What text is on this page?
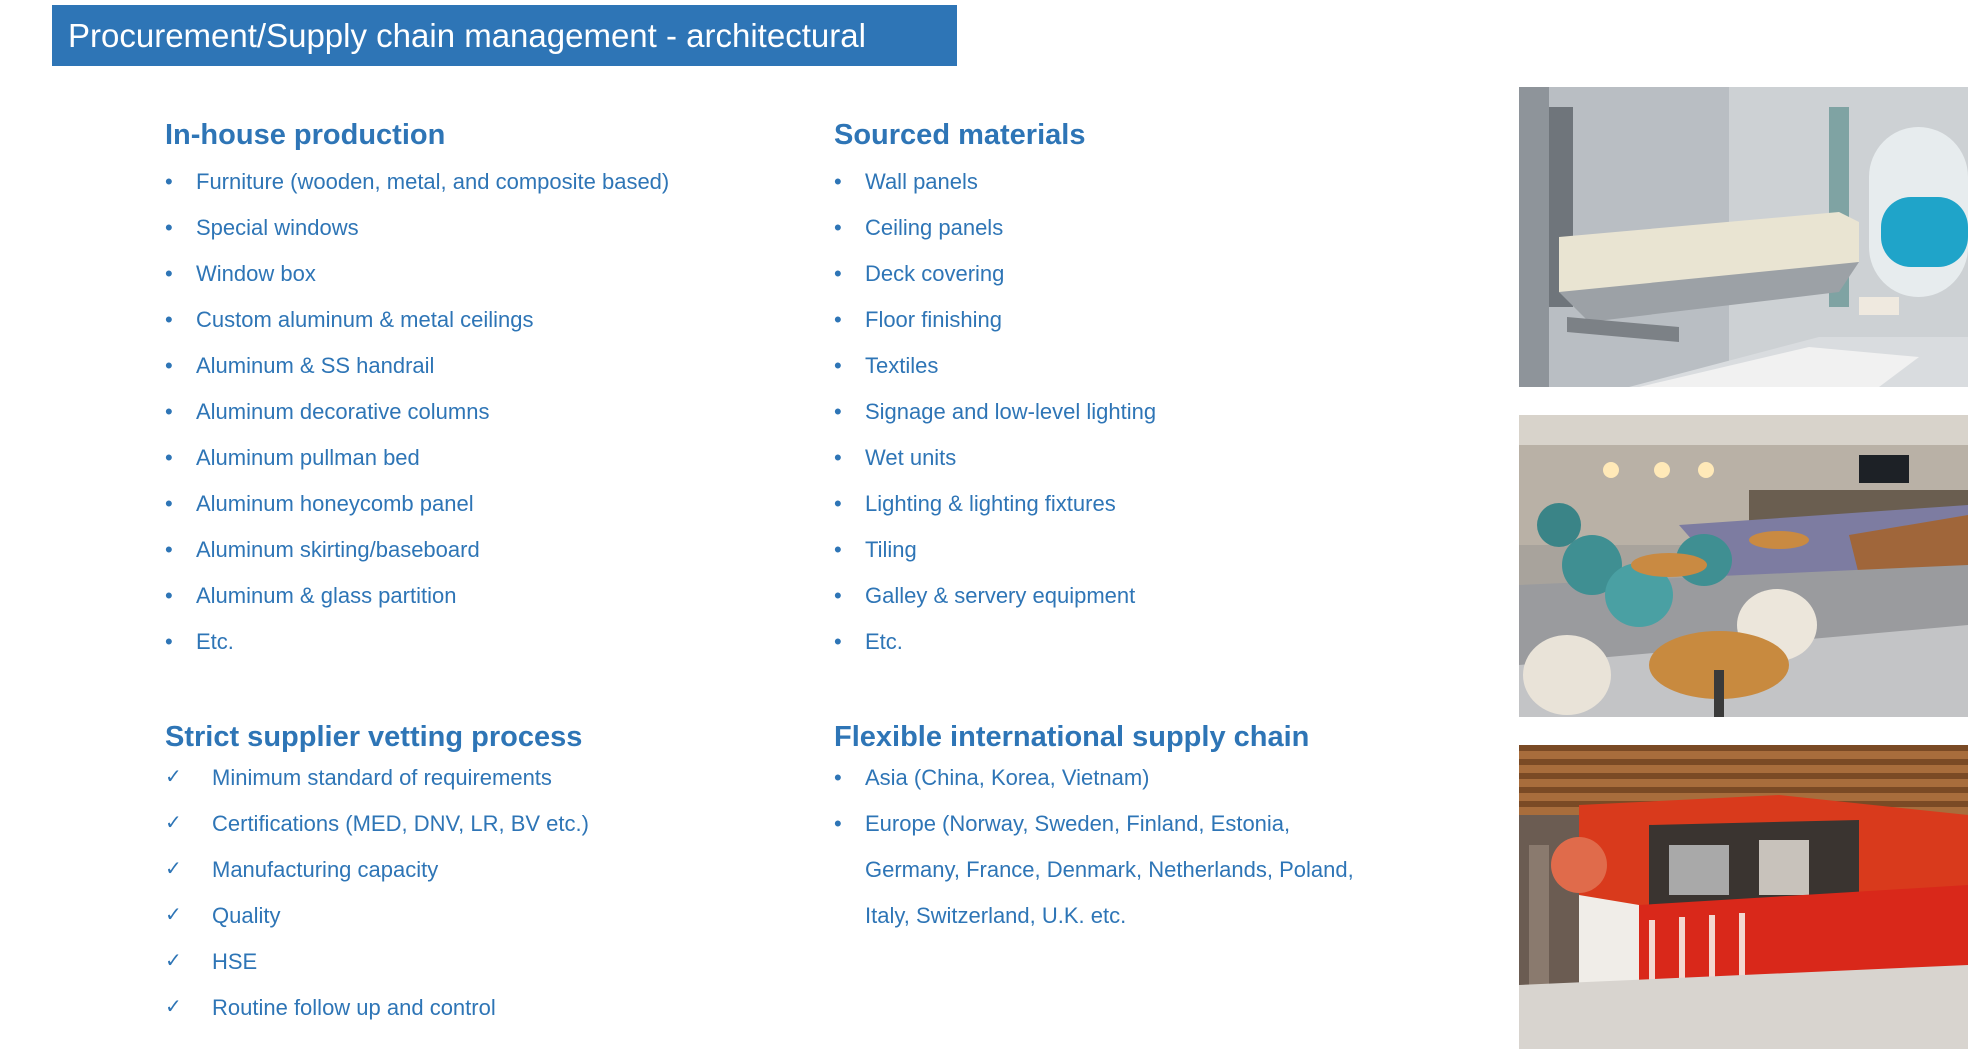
Procurement/Supply chain management - architectural
In-house production
•	Furniture (wooden, metal, and composite based)
•	Special windows
•	Window box
•	Custom aluminum & metal ceilings
•	Aluminum & SS handrail
•	Aluminum decorative columns
•	Aluminum pullman bed
•	Aluminum honeycomb panel
•	Aluminum skirting/baseboard
•	Aluminum & glass partition
•	Etc.
Sourced materials
•	Wall panels
•	Ceiling panels
•	Deck covering
•	Floor finishing
•	Textiles
•	Signage and low-level lighting
•	Wet units
•	Lighting & lighting fixtures
•	Tiling
•	Galley & servery equipment
•	Etc.
Strict supplier vetting process
✓ Minimum standard of requirements
✓ Certifications (MED, DNV, LR, BV etc.)
✓ Manufacturing capacity
✓ Quality
✓ HSE
✓ Routine follow up and control
Flexible international supply chain
•	Asia (China, Korea, Vietnam)
•	Europe (Norway, Sweden, Finland, Estonia,
Germany, France, Denmark, Netherlands, Poland,
Italy, Switzerland, U.K. etc.
